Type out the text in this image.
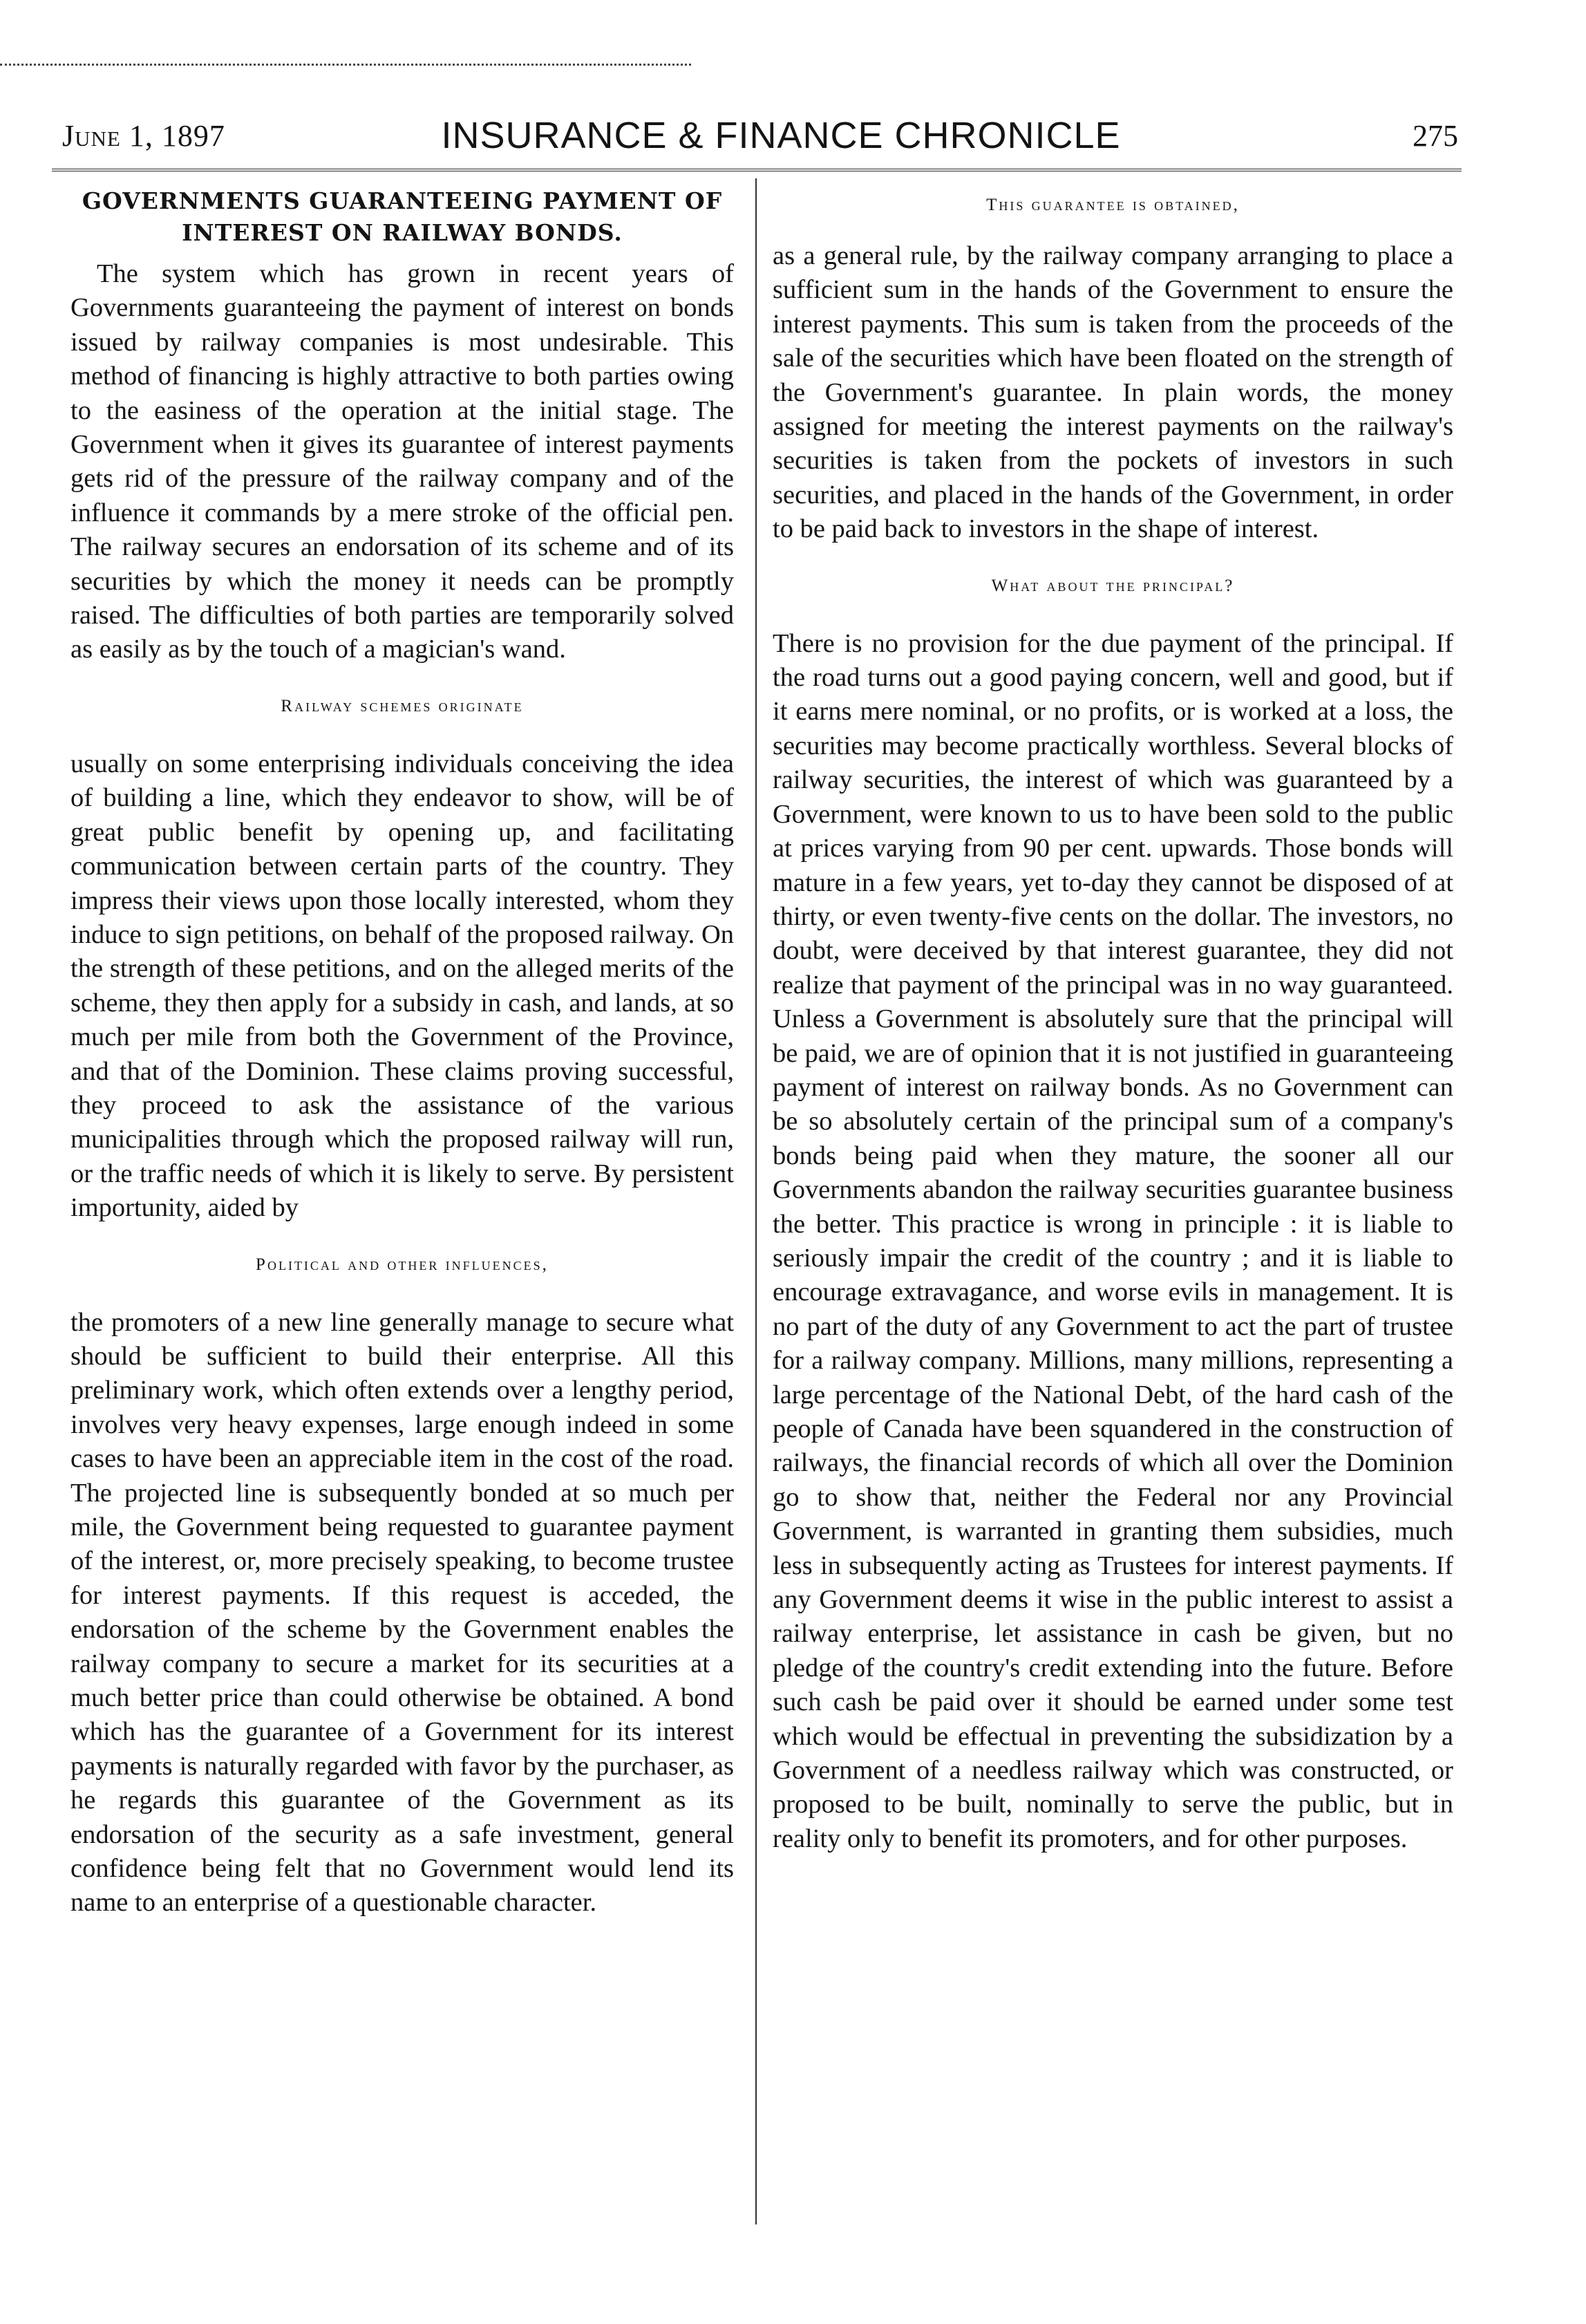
June 1, 1897	INSURANCE & FINANCE CHRONICLE	275
GOVERNMENTS GUARANTEEING PAYMENT OF INTEREST ON RAILWAY BONDS.

The system which has grown in recent years of Governments guaranteeing the payment of interest on bonds issued by railway companies is most undesirable. This method of financing is highly attractive to both parties owing to the easiness of the operation at the initial stage. The Government when it gives its guarantee of interest payments gets rid of the pressure of the railway company and of the influence it commands by a mere stroke of the official pen. The railway secures an endorsation of its scheme and of its securities by which the money it needs can be promptly raised. The difficulties of both parties are temporarily solved as easily as by the touch of a magician's wand.

Railway schemes originate

usually on some enterprising individuals conceiving the idea of building a line, which they endeavor to show, will be of great public benefit by opening up, and facilitating communication between certain parts of the country. They impress their views upon those locally interested, whom they induce to sign petitions, on behalf of the proposed railway. On the strength of these petitions, and on the alleged merits of the scheme, they then apply for a subsidy in cash, and lands, at so much per mile from both the Government of the Province, and that of the Dominion. These claims proving successful, they proceed to ask the assistance of the various municipalities through which the proposed railway will run, or the traffic needs of which it is likely to serve. By persistent importunity, aided by

Political and other influences,

the promoters of a new line generally manage to secure what should be sufficient to build their enterprise. All this preliminary work, which often extends over a lengthy period, involves very heavy expenses, large enough indeed in some cases to have been an appreciable item in the cost of the road. The projected line is subsequently bonded at so much per mile, the Government being requested to guarantee payment of the interest, or, more precisely speaking, to become trustee for interest payments. If this request is acceded, the endorsation of the scheme by the Government enables the railway company to secure a market for its securities at a much better price than could otherwise be obtained. A bond which has the guarantee of a Government for its interest payments is naturally regarded with favor by the purchaser, as he regards this guarantee of the Government as its endorsation of the security as a safe investment, general confidence being felt that no Government would lend its name to an enterprise of a questionable character.

This guarantee is obtained,

as a general rule, by the railway company arranging to place a sufficient sum in the hands of the Government to ensure the interest payments. This sum is taken from the proceeds of the sale of the securities which have been floated on the strength of the Government's guarantee. In plain words, the money assigned for meeting the interest payments on the railway's securities is taken from the pockets of investors in such securities, and placed in the hands of the Government, in order to be paid back to investors in the shape of interest.

What about the principal?

There is no provision for the due payment of the principal. If the road turns out a good paying concern, well and good, but if it earns mere nominal, or no profits, or is worked at a loss, the securities may become practically worthless. Several blocks of railway securities, the interest of which was guaranteed by a Government, were known to us to have been sold to the public at prices varying from 90 per cent. upwards. Those bonds will mature in a few years, yet to-day they cannot be disposed of at thirty, or even twenty-five cents on the dollar. The investors, no doubt, were deceived by that interest guarantee, they did not realize that payment of the principal was in no way guaranteed. Unless a Government is absolutely sure that the principal will be paid, we are of opinion that it is not justified in guaranteeing payment of interest on railway bonds. As no Government can be so absolutely certain of the principal sum of a company's bonds being paid when they mature, the sooner all our Governments abandon the railway securities guarantee business the better. This practice is wrong in principle : it is liable to seriously impair the credit of the country ; and it is liable to encourage extravagance, and worse evils in management. It is no part of the duty of any Government to act the part of trustee for a railway company. Millions, many millions, representing a large percentage of the National Debt, of the hard cash of the people of Canada have been squandered in the construction of railways, the financial records of which all over the Dominion go to show that, neither the Federal nor any Provincial Government, is warranted in granting them subsidies, much less in subsequently acting as Trustees for interest payments. If any Government deems it wise in the public interest to assist a railway enterprise, let assistance in cash be given, but no pledge of the country's credit extending into the future. Before such cash be paid over it should be earned under some test which would be effectual in preventing the subsidization by a Government of a needless railway which was constructed, or proposed to be built, nominally to serve the public, but in reality only to benefit its promoters, and for other purposes.
